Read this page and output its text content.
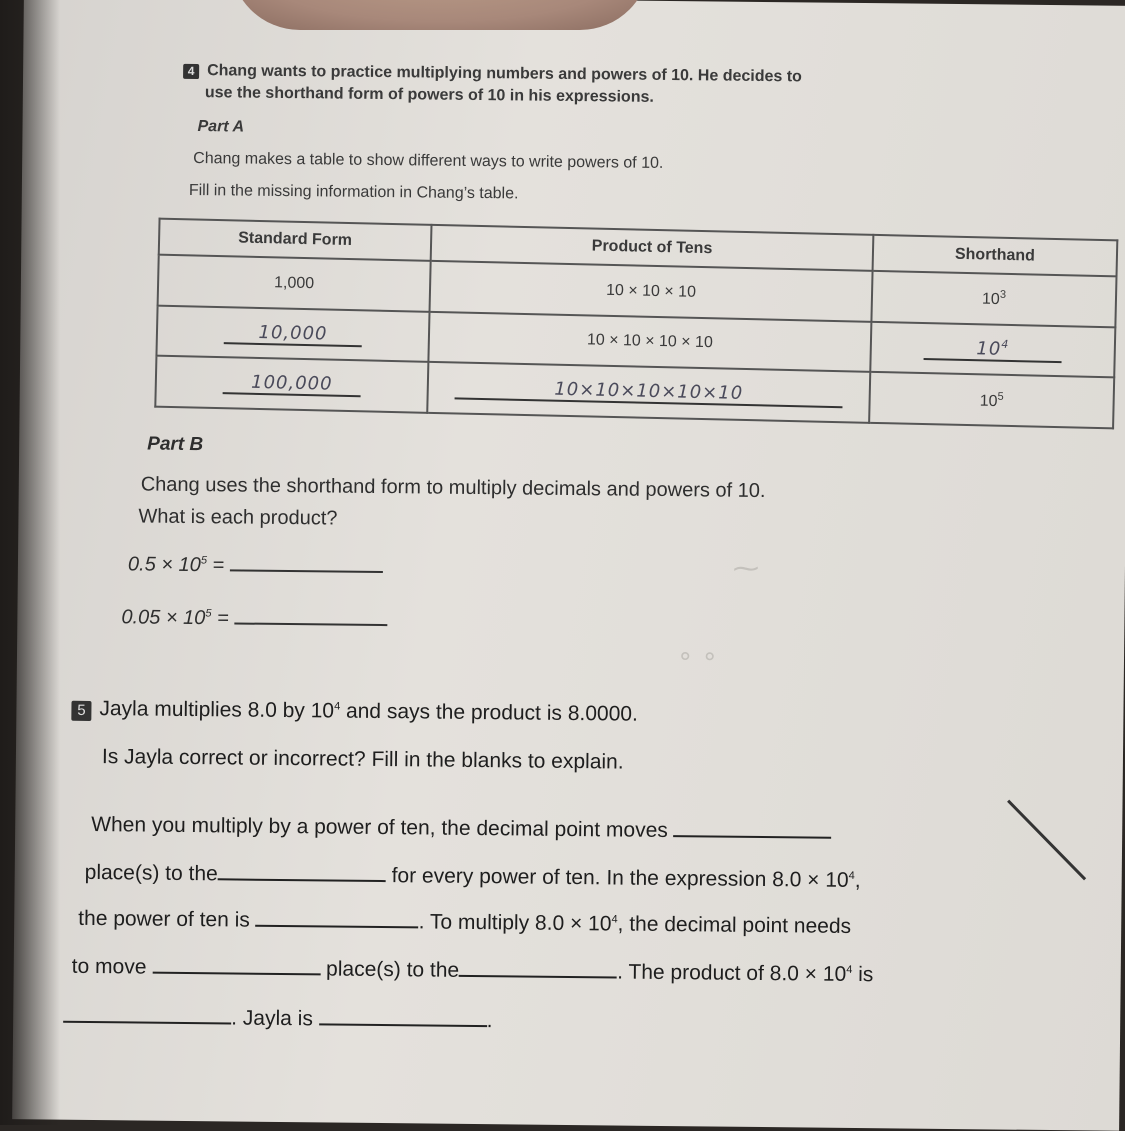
4 Chang wants to practice multiplying numbers and powers of 10. He decides to
use the shorthand form of powers of 10 in his expressions.
Part A
Chang makes a table to show different ways to write powers of 10.
Fill in the missing information in Chang’s table.
Standard Form	Product of Tens	Shorthand
1,000	10 × 10 × 10	$10^3$
10,000	10 × 10 × 10 × 10	$10^4$
100,000	10×10×10×10×10	$10^5$
Part B
Chang uses the shorthand form to multiply decimals and powers of 10.
What is each product?
$0.5 \times 10^5$ =
$0.05 \times 10^5$ =
⁓
∘ ∘
5 Jayla multiplies 8.0 by $10^4$ and says the product is 8.0000.
Is Jayla correct or incorrect? Fill in the blanks to explain.
When you multiply by a power of ten, the decimal point moves
place(s) to the	for every power of ten. In the expression $8.0 \times 10^4$,
the power of ten is	. To multiply $8.0 \times 10^4$, the decimal point needs
to move	place(s) to the	. The product of $8.0 \times 10^4$ is
. Jayla is	.
